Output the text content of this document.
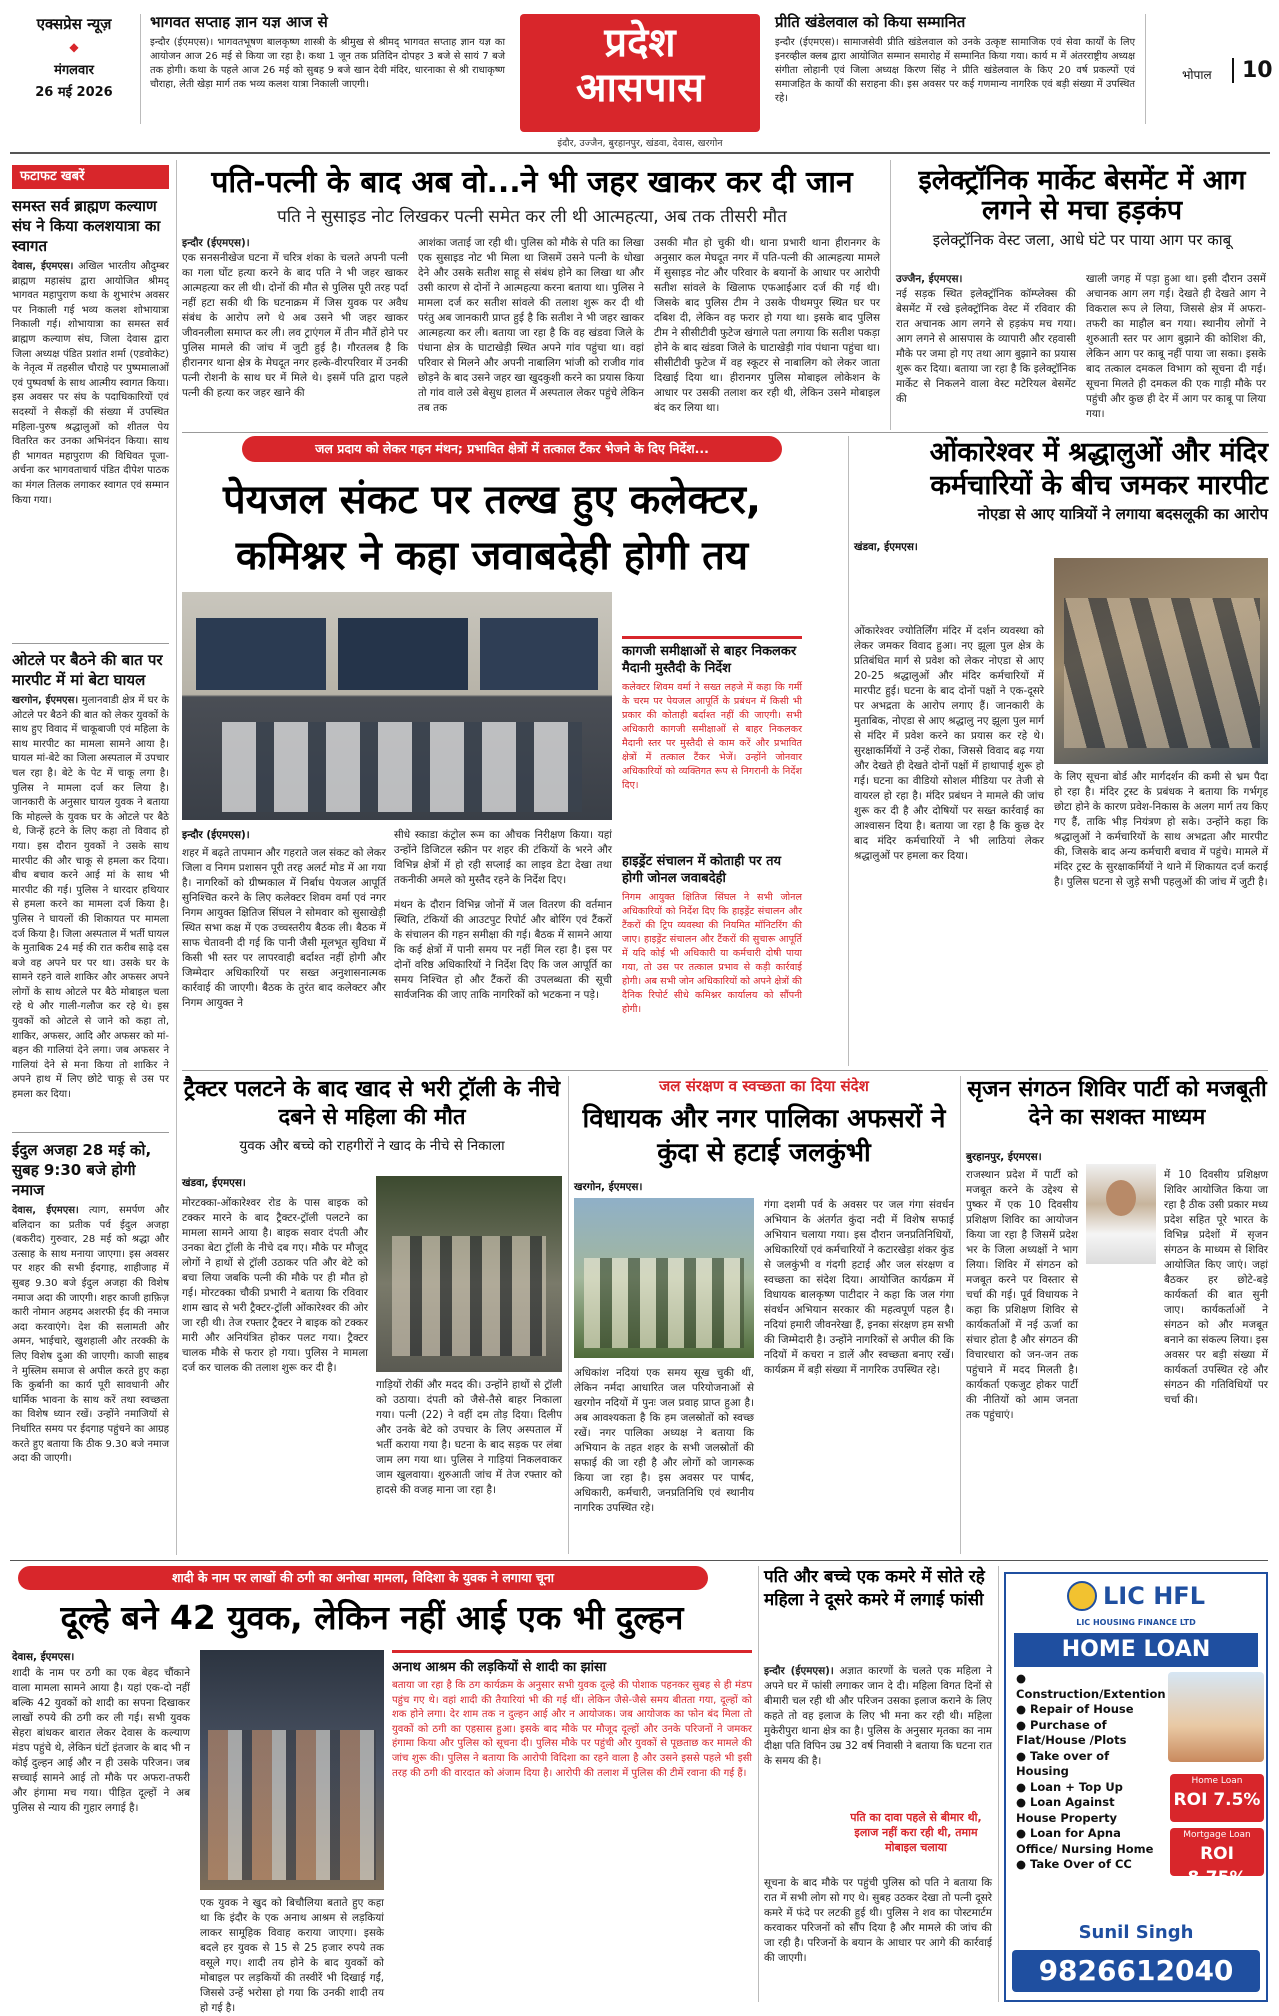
एक्सप्रेस न्यूज़
◆
मंगलवार
26 मई 2026
भागवत सप्ताह ज्ञान यज्ञ आज से
इन्दौर (ईएमएस)। भागवतभूषण बालकृष्ण शास्त्री के श्रीमुख से श्रीमद् भागवत सप्ताह ज्ञान यज्ञ का आयोजन आज 26 मई से किया जा रहा है। कथा 1 जून तक प्रतिदिन दोपहर 3 बजे से सायं 7 बजे तक होगी। कथा के पहले आज 26 मई को सुबह 9 बजे खान देवी मंदिर, धारनाका से श्री राधाकृष्ण चौराहा, लेती खेड़ा मार्ग तक भव्य कलश यात्रा निकाली जाएगी।
प्रदेश
आसपास
इंदौर, उज्जैन, बुरहानपुर, खंडवा, देवास, खरगोन
प्रीति खंडेलवाल को किया सम्मानित
इन्दौर (ईएमएस)। सामाजसेवी प्रीति खंडेलवाल को उनके उत्कृष्ट सामाजिक एवं सेवा कार्यों के लिए इनरव्हील क्लब द्वारा आयोजित सम्मान समारोह में सम्मानित किया गया। कार्य म में अंतरराष्ट्रीय अध्यक्ष संगीता लोहानी एवं जिला अध्यक्ष किरण सिंह ने प्रीति खंडेलवाल के किए 20 वर्ष प्रकल्पों एवं समाजहित के कार्यों की सराहना की। इस अवसर पर कई गणमान्य नागरिक एवं बड़ी संख्या में उपस्थित रहे।
भोपाल	10
फटाफट खबरें
समस्त सर्व ब्राह्मण कल्याण संघ ने किया कलशयात्रा का स्वागत
देवास, ईएमएस। अखिल भारतीय औदुम्बर ब्राह्मण महासंघ द्वारा आयोजित श्रीमद् भागवत महापुराण कथा के शुभारंभ अवसर पर निकाली गई भव्य कलश शोभायात्रा निकाली गई। शोभायात्रा का समस्त सर्व ब्राह्मण कल्याण संघ, जिला देवास द्वारा जिला अध्यक्ष पंडित प्रशांत शर्मा (एडवोकेट) के नेतृत्व में तहसील चौराहे पर पुष्पमालाओं एवं पुष्पवर्षा के साथ आत्मीय स्वागत किया। इस अवसर पर संघ के पदाधिकारियों एवं सदस्यों ने सैकड़ों की संख्या में उपस्थित महिला-पुरुष श्रद्धालुओं को शीतल पेय वितरित कर उनका अभिनंदन किया। साथ ही भागवत महापुराण की विधिवत पूजा-अर्चना कर भागवताचार्य पंडित दीपेश पाठक का मंगल तिलक लगाकर स्वागत एवं सम्मान किया गया।
ओटले पर बैठने की बात पर मारपीट में मां बेटा घायल
खरगोन, ईएमएस। मुलानवाडी क्षेत्र में घर के ओटले पर बैठने की बात को लेकर युवकों के साथ हुए विवाद में चाकूबाजी एवं महिला के साथ मारपीट का मामला सामने आया है। घायल मां-बेटे का जिला अस्पताल में उपचार चल रहा है। बेटे के पेट में चाकू लगा है। पुलिस ने मामला दर्ज कर लिया है। जानकारी के अनुसार घायल युवक ने बताया कि मोहल्ले के युवक घर के ओटले पर बैठे थे, जिन्हें हटने के लिए कहा तो विवाद हो गया। इस दौरान युवकों ने उसके साथ मारपीट की और चाकू से हमला कर दिया। बीच बचाव करने आई मां के साथ भी मारपीट की गई। पुलिस ने धारदार हथियार से हमला करने का मामला दर्ज किया है। पुलिस ने घायलों की शिकायत पर मामला दर्ज किया है। जिला अस्पताल में भर्ती घायल के मुताबिक 24 मई की रात करीब साढ़े दस बजे वह अपने घर पर था। उसके घर के सामने रहने वाले शाकिर और अफसर अपने लोगों के साथ ओटले पर बैठे मोबाइल चला रहे थे और गाली-गलौज कर रहे थे। इस युवकों को ओटले से जाने को कहा तो, शाकिर, अफसर, आदि और अफसर को मां-बहन की गालियां देने लगा। जब अफसर ने गालियां देने से मना किया तो शाकिर ने अपने हाथ में लिए छोटे चाकू से उस पर हमला कर दिया।
ईदुल अजहा 28 मई को, सुबह 9:30 बजे होगी नमाज
देवास, ईएमएस। त्याग, समर्पण और बलिदान का प्रतीक पर्व ईदुल अजहा (बकरीद) गुरुवार, 28 मई को श्रद्धा और उत्साह के साथ मनाया जाएगा। इस अवसर पर शहर की सभी ईदगाह, शाहीजाह में सुबह 9.30 बजे ईदुल अजहा की विशेष नमाज अदा की जाएगी। शहर काजी हाफ़िज़ कारी नोमान अहमद अशरफी ईद की नमाज अदा करवाएंगे। देश की सलामती और अमन, भाईचारे, खुशहाली और तरक्की के लिए विशेष दुआ की जाएगी। काजी साहब ने मुस्लिम समाज से अपील करते हुए कहा कि कुर्बानी का कार्य पूरी सावधानी और धार्मिक भावना के साथ करें तथा स्वच्छता का विशेष ध्यान रखें। उन्होंने नमाजियों से निर्धारित समय पर ईदगाह पहुंचने का आग्रह करते हुए बताया कि ठीक 9.30 बजे नमाज अदा की जाएगी।
पति-पत्नी के बाद अब वो...ने भी जहर खाकर कर दी जान
पति ने सुसाइड नोट लिखकर पत्नी समेत कर ली थी आत्महत्या, अब तक तीसरी मौत
इन्दौर (ईएमएस)।
एक सनसनीखेज घटना में चरित्र शंका के चलते अपनी पत्नी का गला घोंट हत्या करने के बाद पति ने भी जहर खाकर आत्महत्या कर ली थी। दोनों की मौत से पुलिस पूरी तरह पर्दा नहीं हटा सकी थी कि घटनाक्रम में जिस युवक पर अवैध संबंध के आरोप लगे थे अब उसने भी जहर खाकर जीवनलीला समाप्त कर ली। लव ट्राएंगल में तीन मौतें होने पर पुलिस मामले की जांच में जुटी हुई है। गौरतलब है कि हीरानगर थाना क्षेत्र के मेघदूत नगर हल्के-वीरपरिवार में उनकी पत्नी रोशनी के साथ घर में मिले थे। इसमें पति द्वारा पहले पत्नी की हत्या कर जहर खाने की
आशंका जताई जा रही थी। पुलिस को मौके से पति का लिखा एक सुसाइड नोट भी मिला था जिसमें उसने पत्नी के धोखा देने और उसके सतीश साहू से संबंध होने का लिखा था और उसी कारण से दोनों ने आत्महत्या करना बताया था। पुलिस ने मामला दर्ज कर सतीश सांवले की तलाश शुरू कर दी थी परंतु अब जानकारी प्राप्त हुई है कि सतीश ने भी जहर खाकर आत्महत्या कर ली। बताया जा रहा है कि वह खंडवा जिले के पंधाना क्षेत्र के घाटाखेड़ी स्थित अपने गांव पहुंचा था। वहां परिवार से मिलने और अपनी नाबालिग भांजी को राजीव गांव छोड़ने के बाद उसने जहर खा खुदकुशी करने का प्रयास किया तो गांव वाले उसे बेसुध हालत में अस्पताल लेकर पहुंचे लेकिन तब तक
उसकी मौत हो चुकी थी। थाना प्रभारी थाना हीरानगर के अनुसार कल मेघदूत नगर में पति-पत्नी की आत्महत्या मामले में सुसाइड नोट और परिवार के बयानों के आधार पर आरोपी सतीश सांवले के खिलाफ एफआईआर दर्ज की गई थी। जिसके बाद पुलिस टीम ने उसके पीथमपुर स्थित घर पर दबिश दी, लेकिन वह फरार हो गया था। इसके बाद पुलिस टीम ने सीसीटीवी फुटेज खंगाले पता लगाया कि सतीश पकड़ा होने के बाद खंडवा जिले के घाटाखेड़ी गांव पंधाना पहुंचा था। सीसीटीवी फुटेज में वह स्कूटर से नाबालिग को लेकर जाता दिखाई दिया था। हीरानगर पुलिस मोबाइल लोकेशन के आधार पर उसकी तलाश कर रही थी, लेकिन उसने मोबाइल बंद कर लिया था।
इलेक्ट्रॉनिक मार्केट बेसमेंट में आग लगने से मचा हड़कंप
इलेक्ट्रॉनिक वेस्ट जला, आधे घंटे पर पाया आग पर काबू
उज्जैन, ईएमएस।
नई सड़क स्थित इलेक्ट्रॉनिक कॉम्प्लेक्स की बेसमेंट में रखे इलेक्ट्रॉनिक वेस्ट में रविवार की रात अचानक आग लगने से हड़कंप मच गया। आग लगने से आसपास के व्यापारी और रहवासी मौके पर जमा हो गए तथा आग बुझाने का प्रयास शुरू कर दिया। बताया जा रहा है कि इलेक्ट्रॉनिक मार्केट से निकलने वाला वेस्ट मटेरियल बेसमेंट की
खाली जगह में पड़ा हुआ था। इसी दौरान उसमें अचानक आग लग गई। देखते ही देखते आग ने विकराल रूप ले लिया, जिससे क्षेत्र में अफरा-तफरी का माहौल बन गया। स्थानीय लोगों ने शुरुआती स्तर पर आग बुझाने की कोशिश की, लेकिन आग पर काबू नहीं पाया जा सका। इसके बाद तत्काल दमकल विभाग को सूचना दी गई। सूचना मिलते ही दमकल की एक गाड़ी मौके पर पहुंची और कुछ ही देर में आग पर काबू पा लिया गया।
जल प्रदाय को लेकर गहन मंथन; प्रभावित क्षेत्रों में तत्काल टैंकर भेजने के दिए निर्देश...
पेयजल संकट पर तल्ख हुए कलेक्टर, कमिश्नर ने कहा जवाबदेही होगी तय
इन्दौर (ईएमएस)।	सीधे स्काडा कंट्रोल रूम का औचक निरीक्षण किया। यहां उन्होंने डिजिटल स्क्रीन पर शहर की टंकियों के भरने और विभिन्न क्षेत्रों में हो रही सप्लाई का लाइव डेटा देखा तथा तकनीकी अमले को मुस्तैद रहने के निर्देश दिए।
शहर में बढ़ते तापमान और गहराते जल संकट को लेकर जिला व निगम प्रशासन पूरी तरह अलर्ट मोड में आ गया है। नागरिकों को ग्रीष्मकाल में निर्बाध पेयजल आपूर्ति सुनिश्चित करने के लिए कलेक्टर शिवम वर्मा एवं नगर निगम आयुक्त क्षितिज सिंघल ने सोमवार को सुसाखेड़ी स्थित सभा कक्ष में एक उच्चस्तरीय बैठक ली। बैठक में साफ चेतावनी दी गई कि पानी जैसी मूलभूत सुविधा में किसी भी स्तर पर लापरवाही बर्दाश्त नहीं होगी और जिम्मेदार अधिकारियों पर सख्त अनुशासनात्मक कार्रवाई की जाएगी। बैठक के तुरंत बाद कलेक्टर और निगम आयुक्त ने
मंथन के दौरान विभिन्न जोनों में जल वितरण की वर्तमान स्थिति, टंकियों की आउटपुट रिपोर्ट और बोरिंग एवं टैंकरों के संचालन की गहन समीक्षा की गई। बैठक में सामने आया कि कई क्षेत्रों में पानी समय पर नहीं मिल रहा है। इस पर दोनों वरिष्ठ अधिकारियों ने निर्देश दिए कि जल आपूर्ति का समय निश्चित हो और टैंकरों की उपलब्धता की सूची सार्वजनिक की जाए ताकि नागरिकों को भटकना न पड़े।
कागजी समीक्षाओं से बाहर निकलकर मैदानी मुस्तैदी के निर्देश
कलेक्टर शिवम वर्मा ने सख्त लहजे में कहा कि गर्मी के चरम पर पेयजल आपूर्ति के प्रबंधन में किसी भी प्रकार की कोताही बर्दाश्त नहीं की जाएगी। सभी अधिकारी कागजी समीक्षाओं से बाहर निकलकर मैदानी स्तर पर मुस्तैदी से काम करें और प्रभावित क्षेत्रों में तत्काल टैंकर भेजें। उन्होंने जोनवार अधिकारियों को व्यक्तिगत रूप से निगरानी के निर्देश दिए।
हाइड्रेंट संचालन में कोताही पर तय होगी जोनल जवाबदेही
निगम आयुक्त क्षितिज सिंघल ने सभी जोनल अधिकारियों को निर्देश दिए कि हाइड्रेंट संचालन और टैंकरों की ट्रिप व्यवस्था की नियमित मॉनिटरिंग की जाए। हाइड्रेंट संचालन और टैंकरों की सुचारू आपूर्ति में यदि कोई भी अधिकारी या कर्मचारी दोषी पाया गया, तो उस पर तत्काल प्रभाव से कड़ी कार्रवाई होगी। अब सभी जोन अधिकारियों को अपने क्षेत्रों की दैनिक रिपोर्ट सीधे कमिश्नर कार्यालय को सौंपनी होगी।
ओंकारेश्वर में श्रद्धालुओं और मंदिर कर्मचारियों के बीच जमकर मारपीट
नोएडा से आए यात्रियों ने लगाया बदसलूकी का आरोप
खंडवा, ईएमएस।
ओंकारेश्वर ज्योतिर्लिंग मंदिर में दर्शन व्यवस्था को लेकर जमकर विवाद हुआ। नए झूला पुल क्षेत्र के प्रतिबंधित मार्ग से प्रवेश को लेकर नोएडा से आए 20-25 श्रद्धालुओं और मंदिर कर्मचारियों में मारपीट हुई। घटना के बाद दोनों पक्षों ने एक-दूसरे पर अभद्रता के आरोप लगाए हैं। जानकारी के मुताबिक, नोएडा से आए श्रद्धालु नए झूला पुल मार्ग से मंदिर में प्रवेश करने का प्रयास कर रहे थे। सुरक्षाकर्मियों ने उन्हें रोका, जिससे विवाद बढ़ गया और देखते ही देखते दोनों पक्षों में हाथापाई शुरू हो गई। घटना का वीडियो सोशल मीडिया पर तेजी से वायरल हो रहा है। मंदिर प्रबंधन ने मामले की जांच शुरू कर दी है और दोषियों पर सख्त कार्रवाई का आश्वासन दिया है। बताया जा रहा है कि कुछ देर बाद मंदिर कर्मचारियों ने भी लाठियां लेकर श्रद्धालुओं पर हमला कर दिया।
के लिए सूचना बोर्ड और मार्गदर्शन की कमी से भ्रम पैदा हो रहा है। मंदिर ट्रस्ट के प्रबंधक ने बताया कि गर्भगृह छोटा होने के कारण प्रवेश-निकास के अलग मार्ग तय किए गए हैं, ताकि भीड़ नियंत्रण हो सके। उन्होंने कहा कि श्रद्धालुओं ने कर्मचारियों के साथ अभद्रता और मारपीट की, जिसके बाद अन्य कर्मचारी बचाव में पहुंचे। मामले में मंदिर ट्रस्ट के सुरक्षाकर्मियों ने थाने में शिकायत दर्ज कराई है। पुलिस घटना से जुड़े सभी पहलुओं की जांच में जुटी है।
ट्रैक्टर पलटने के बाद खाद से भरी ट्रॉली के नीचे दबने से महिला की मौत
युवक और बच्चे को राहगीरों ने खाद के नीचे से निकाला
खंडवा, ईएमएस।
मोरटक्का-ओंकारेश्वर रोड के पास बाइक को टक्कर मारने के बाद ट्रैक्टर-ट्रॉली पलटने का मामला सामने आया है। बाइक सवार दंपती और उनका बेटा ट्रॉली के नीचे दब गए। मौके पर मौजूद लोगों ने हाथों से ट्रॉली उठाकर पति और बेटे को बचा लिया जबकि पत्नी की मौके पर ही मौत हो गई। मोरटक्का चौकी प्रभारी ने बताया कि रविवार शाम खाद से भरी ट्रैक्टर-ट्रॉली ओंकारेश्वर की ओर जा रही थी। तेज रफ्तार ट्रैक्टर ने बाइक को टक्कर मारी और अनियंत्रित होकर पलट गया। ट्रैक्टर चालक मौके से फरार हो गया। पुलिस ने मामला दर्ज कर चालक की तलाश शुरू कर दी है।
गाड़ियों रोकीं और मदद की। उन्होंने हाथों से ट्रॉली को उठाया। दंपती को जैसे-तैसे बाहर निकाला गया। पत्नी (22) ने वहीं दम तोड़ दिया। दिलीप और उनके बेटे को उपचार के लिए अस्पताल में भर्ती कराया गया है। घटना के बाद सड़क पर लंबा जाम लग गया था। पुलिस ने गाड़ियां निकलवाकर जाम खुलवाया। शुरुआती जांच में तेज रफ्तार को हादसे की वजह माना जा रहा है।
जल संरक्षण व स्वच्छता का दिया संदेश
विधायक और नगर पालिका अफसरों ने कुंदा से हटाई जलकुंभी
खरगोन, ईएमएस।
गंगा दशमी पर्व के अवसर पर जल गंगा संवर्धन अभियान के अंतर्गत कुंदा नदी में विशेष सफाई अभियान चलाया गया। इस दौरान जनप्रतिनिधियों, अधिकारियों एवं कर्मचारियों ने कटारखेड़ा शंकर कुंड से जलकुंभी व गंदगी हटाई और जल संरक्षण व स्वच्छता का संदेश दिया। आयोजित कार्यक्रम में विधायक बालकृष्ण पाटीदार ने कहा कि जल गंगा संवर्धन अभियान सरकार की महत्वपूर्ण पहल है। नदियां हमारी जीवनरेखा हैं, इनका संरक्षण हम सभी की जिम्मेदारी है। उन्होंने नागरिकों से अपील की कि नदियों में कचरा न डालें और स्वच्छता बनाए रखें। कार्यक्रम में बड़ी संख्या में नागरिक उपस्थित रहे।
अधिकांश नदियां एक समय सूख चुकी थीं, लेकिन नर्मदा आधारित जल परियोजनाओं से खरगोन नदियों में पुनः जल प्रवाह प्राप्त हुआ है। अब आवश्यकता है कि हम जलस्रोतों को स्वच्छ रखें। नगर पालिका अध्यक्ष ने बताया कि अभियान के तहत शहर के सभी जलस्रोतों की सफाई की जा रही है और लोगों को जागरूक किया जा रहा है। इस अवसर पर पार्षद, अधिकारी, कर्मचारी, जनप्रतिनिधि एवं स्थानीय नागरिक उपस्थित रहे।
सृजन संगठन शिविर पार्टी को मजबूती देने का सशक्त माध्यम
बुरहानपुर, ईएमएस।
राजस्थान प्रदेश में पार्टी को मजबूत करने के उद्देश्य से पुष्कर में एक 10 दिवसीय प्रशिक्षण शिविर का आयोजन किया जा रहा है जिसमें प्रदेश भर के जिला अध्यक्षों ने भाग लिया। शिविर में संगठन को मजबूत करने पर विस्तार से चर्चा की गई। पूर्व विधायक ने कहा कि प्रशिक्षण शिविर से कार्यकर्ताओं में नई ऊर्जा का संचार होता है और संगठन की विचारधारा को जन-जन तक पहुंचाने में मदद मिलती है। कार्यकर्ता एकजुट होकर पार्टी की नीतियों को आम जनता तक पहुंचाएं।
में 10 दिवसीय प्रशिक्षण शिविर आयोजित किया जा रहा है ठीक उसी प्रकार मध्य प्रदेश सहित पूरे भारत के विभिन्न प्रदेशों में सृजन संगठन के माध्यम से शिविर आयोजित किए जाएं। जहां बैठकर हर छोटे-बड़े कार्यकर्ता की बात सुनी जाए। कार्यकर्ताओं ने संगठन को और मजबूत बनाने का संकल्प लिया। इस अवसर पर बड़ी संख्या में कार्यकर्ता उपस्थित रहे और संगठन की गतिविधियों पर चर्चा की।
शादी के नाम पर लाखों की ठगी का अनोखा मामला, विदिशा के युवक ने लगाया चूना
दूल्हे बने 42 युवक, लेकिन नहीं आई एक भी दुल्हन
देवास, ईएमएस।
शादी के नाम पर ठगी का एक बेहद चौंकाने वाला मामला सामने आया है। यहां एक-दो नहीं बल्कि 42 युवकों को शादी का सपना दिखाकर लाखों रुपये की ठगी कर ली गई। सभी युवक सेहरा बांधकर बारात लेकर देवास के कल्याण मंडप पहुंचे थे, लेकिन घंटों इंतजार के बाद भी न कोई दुल्हन आई और न ही उसके परिजन। जब सच्चाई सामने आई तो मौके पर अफरा-तफरी और हंगामा मच गया। पीड़ित दूल्हों ने अब पुलिस से न्याय की गुहार लगाई है।
एक युवक ने खुद को बिचौलिया बताते हुए कहा था कि इंदौर के एक अनाथ आश्रम से लड़कियां लाकर सामूहिक विवाह कराया जाएगा। इसके बदले हर युवक से 15 से 25 हजार रुपये तक वसूले गए। शादी तय होने के बाद युवकों को मोबाइल पर लड़कियों की तस्वीरें भी दिखाई गईं, जिससे उन्हें भरोसा हो गया कि उनकी शादी तय हो गई है।
अनाथ आश्रम की लड़कियों से शादी का झांसा
बताया जा रहा है कि ठग कार्यक्रम के अनुसार सभी युवक दूल्हे की पोशाक पहनकर सुबह से ही मंडप पहुंच गए थे। वहां शादी की तैयारियां भी की गई थीं। लेकिन जैसे-जैसे समय बीतता गया, दूल्हों को शक होने लगा। देर शाम तक न दुल्हन आई और न आयोजक। जब आयोजक का फोन बंद मिला तो युवकों को ठगी का एहसास हुआ। इसके बाद मौके पर मौजूद दूल्हों और उनके परिजनों ने जमकर हंगामा किया और पुलिस को सूचना दी। पुलिस मौके पर पहुंची और युवकों से पूछताछ कर मामले की जांच शुरू की। पुलिस ने बताया कि आरोपी विदिशा का रहने वाला है और उसने इससे पहले भी इसी तरह की ठगी की वारदात को अंजाम दिया है। आरोपी की तलाश में पुलिस की टीमें रवाना की गई हैं।
पति और बच्चे एक कमरे में सोते रहे महिला ने दूसरे कमरे में लगाई फांसी
इन्दौर (ईएमएस)। अज्ञात कारणों के चलते एक महिला ने अपने घर में फांसी लगाकर जान दे दी। महिला विगत दिनों से बीमारी चल रही थी और परिजन उसका इलाज कराने के लिए कहते तो वह इलाज के लिए भी मना कर रही थी। महिला मुकेरीपुरा थाना क्षेत्र का है। पुलिस के अनुसार मृतका का नाम दीक्षा पति विपिन उम्र 32 वर्ष निवासी ने बताया कि घटना रात के समय की है।
पति का दावा पहले से बीमार थी, इलाज नहीं करा रही थी, तमाम मोबाइल चलाया
सूचना के बाद मौके पर पहुंची पुलिस को पति ने बताया कि रात में सभी लोग सो गए थे। सुबह उठकर देखा तो पत्नी दूसरे कमरे में फंदे पर लटकी हुई थी। पुलिस ने शव का पोस्टमार्टम करवाकर परिजनों को सौंप दिया है और मामले की जांच की जा रही है। परिजनों के बयान के आधार पर आगे की कार्रवाई की जाएगी।
LIC HFL
LIC HOUSING FINANCE LTD
HOME LOAN
● Construction/Extention
● Repair of House
● Purchase of Flat/House /Plots
● Take over of Housing
● Loan + Top Up
● Loan Against House Property
● Loan for Apna Office/ Nursing Home
● Take Over of CC
Home Loan
ROI 7.5%
Mortgage Loan
ROI 8.75%
Sunil Singh
9826612040
